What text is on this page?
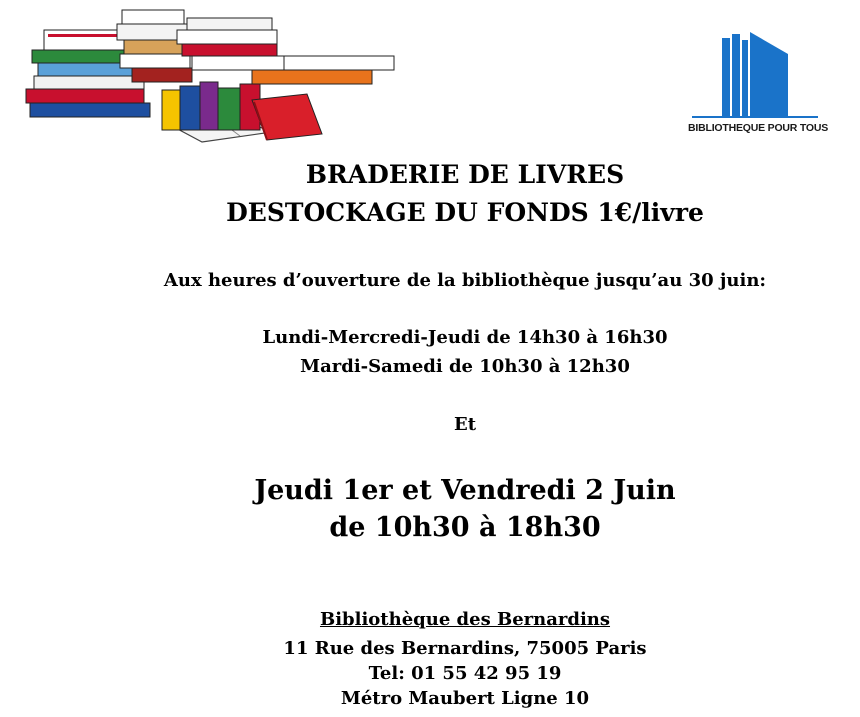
BIBLIOTHEQUE POUR TOUS
BRADERIE DE LIVRES
DESTOCKAGE DU FONDS 1€/livre
Aux heures d’ouverture de la bibliothèque jusqu’au 30 juin:
Lundi-Mercredi-Jeudi de 14h30 à 16h30
Mardi-Samedi de 10h30 à 12h30
Et
Jeudi 1er et Vendredi 2 Juin
de 10h30 à 18h30
Bibliothèque des Bernardins
11 Rue des Bernardins, 75005 Paris
Tel: 01 55 42 95 19
Métro Maubert Ligne 10
